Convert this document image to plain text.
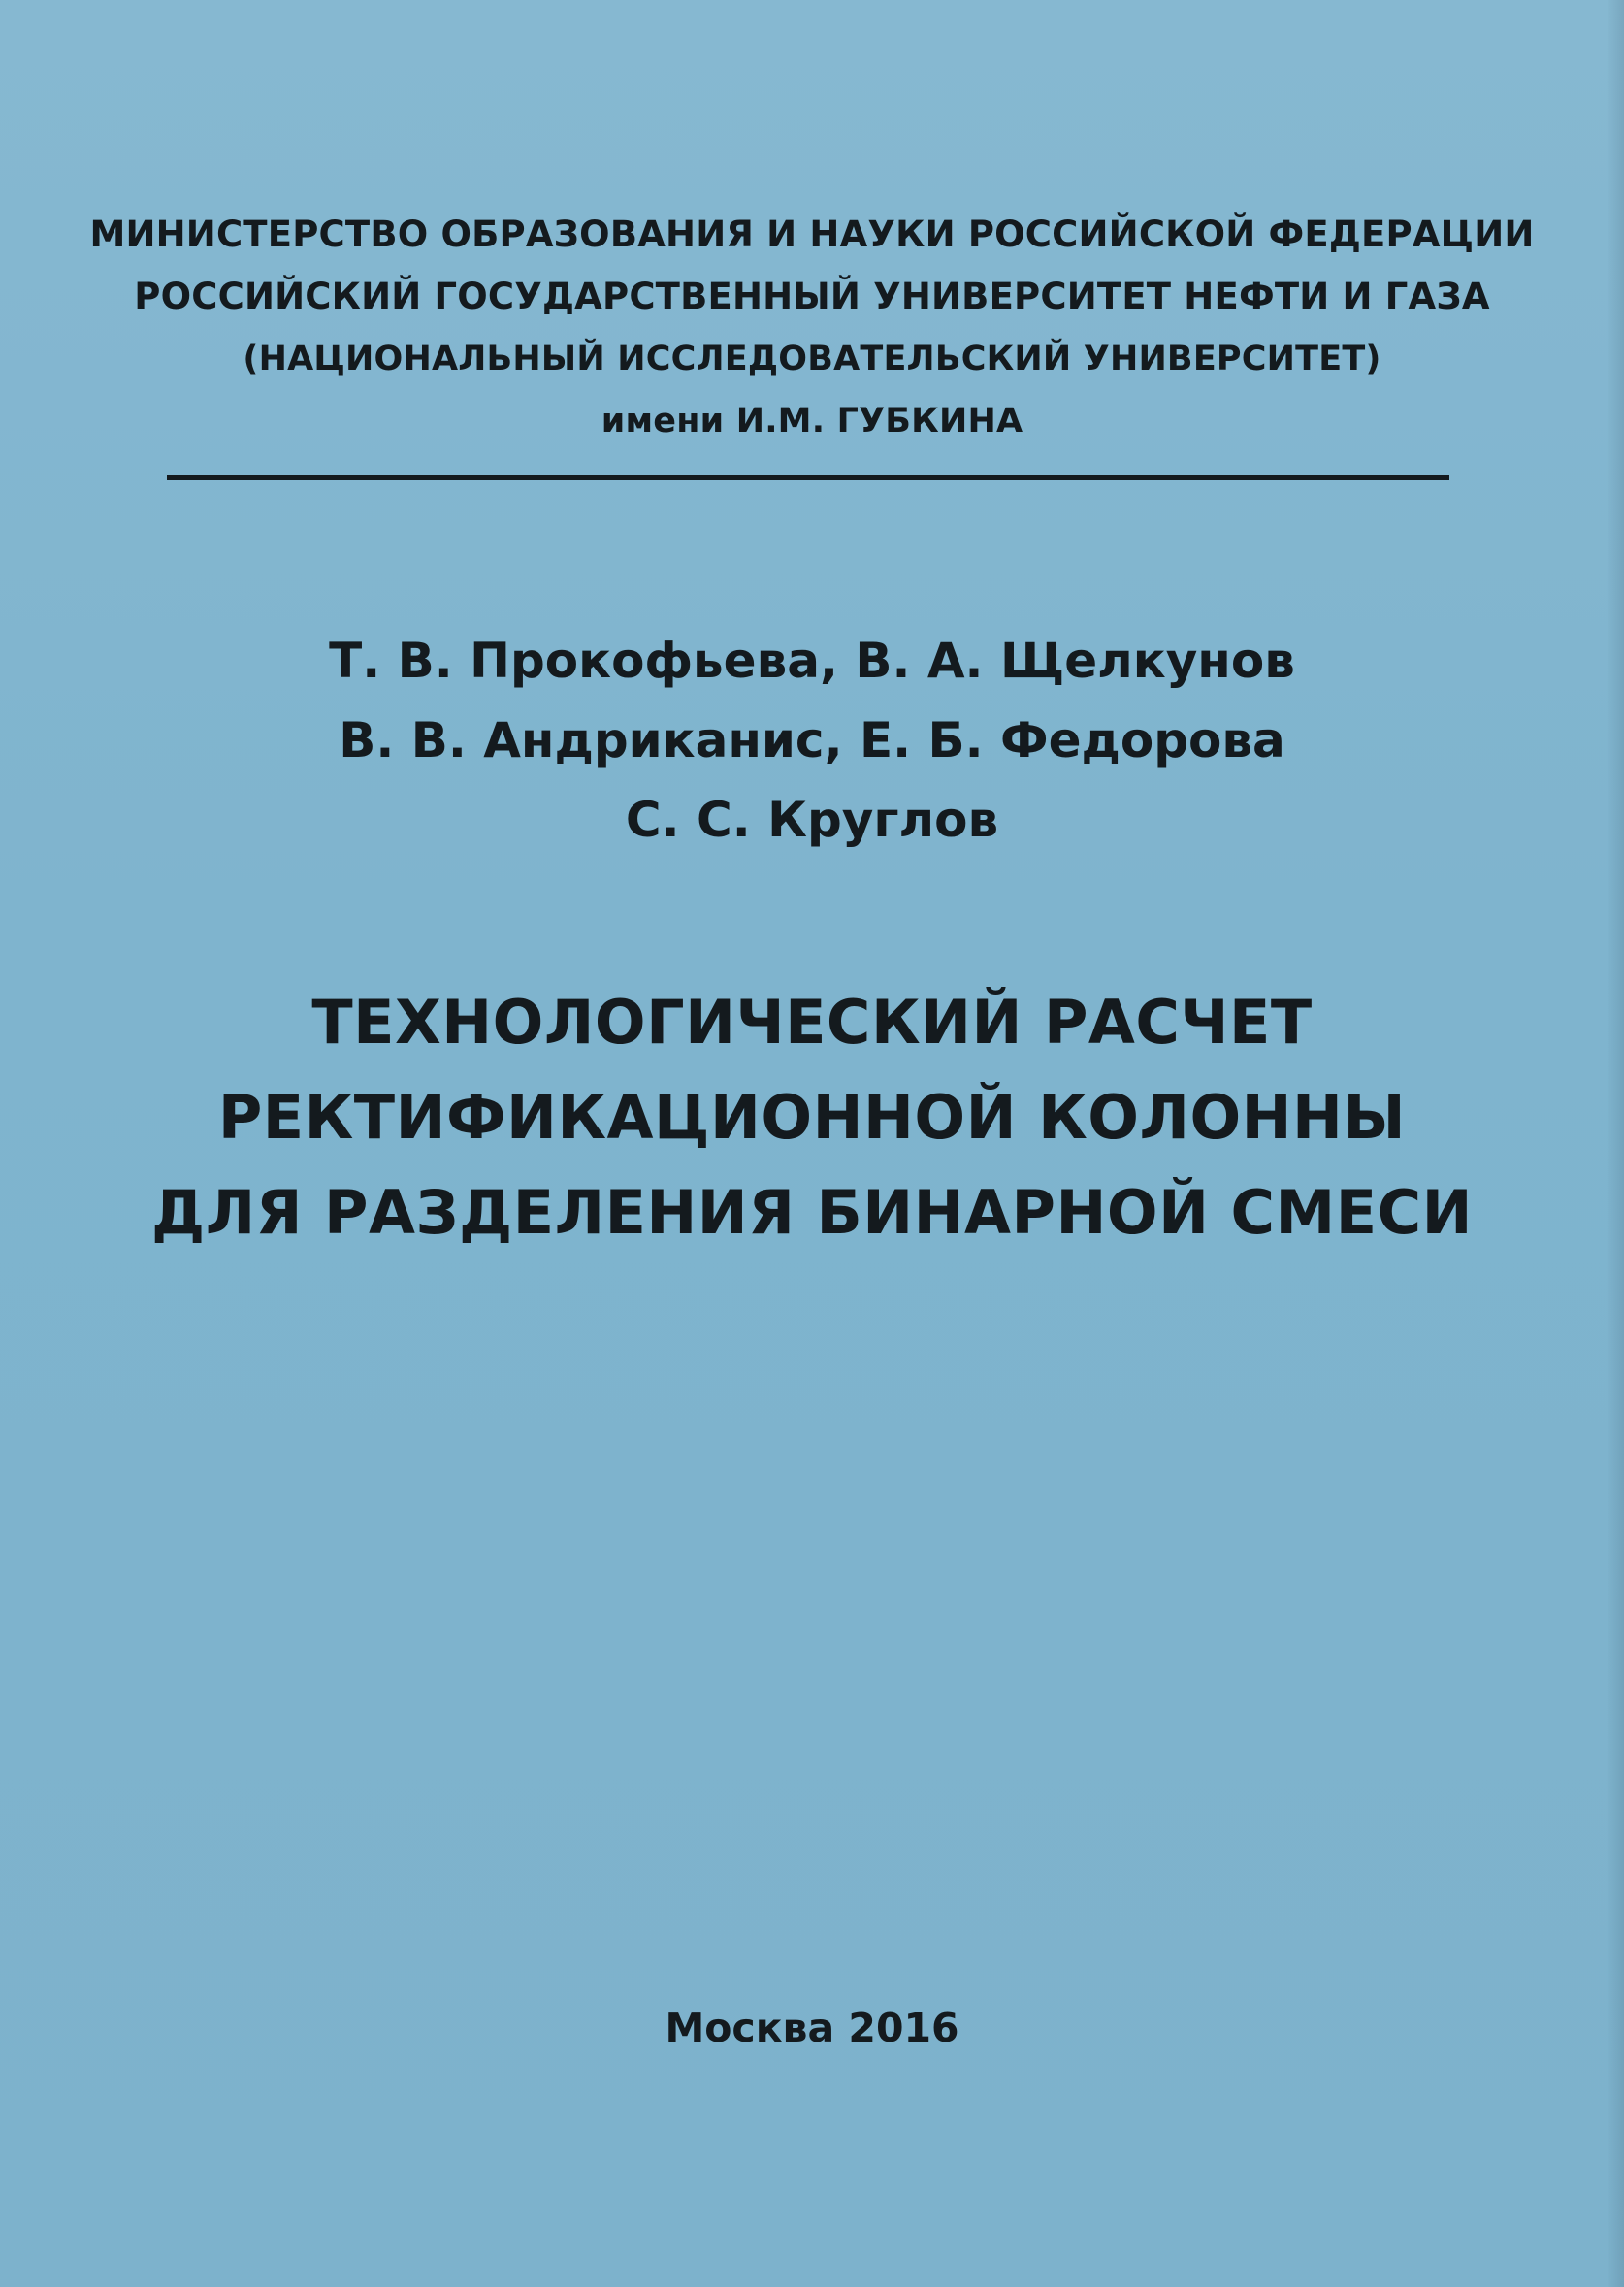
МИНИСТЕРСТВО ОБРАЗОВАНИЯ И НАУКИ РОССИЙСКОЙ ФЕДЕРАЦИИ
РОССИЙСКИЙ ГОСУДАРСТВЕННЫЙ УНИВЕРСИТЕТ НЕФТИ И ГАЗА
(НАЦИОНАЛЬНЫЙ ИССЛЕДОВАТЕЛЬСКИЙ УНИВЕРСИТЕТ)
имени И.М. ГУБКИНА
Т. В. Прокофьева, В. А. Щелкунов
В. В. Андриканис, Е. Б. Федорова
С. С. Круглов
ТЕХНОЛОГИЧЕСКИЙ РАСЧЕТ
РЕКТИФИКАЦИОННОЙ КОЛОННЫ
ДЛЯ РАЗДЕЛЕНИЯ БИНАРНОЙ СМЕСИ
Москва 2016
